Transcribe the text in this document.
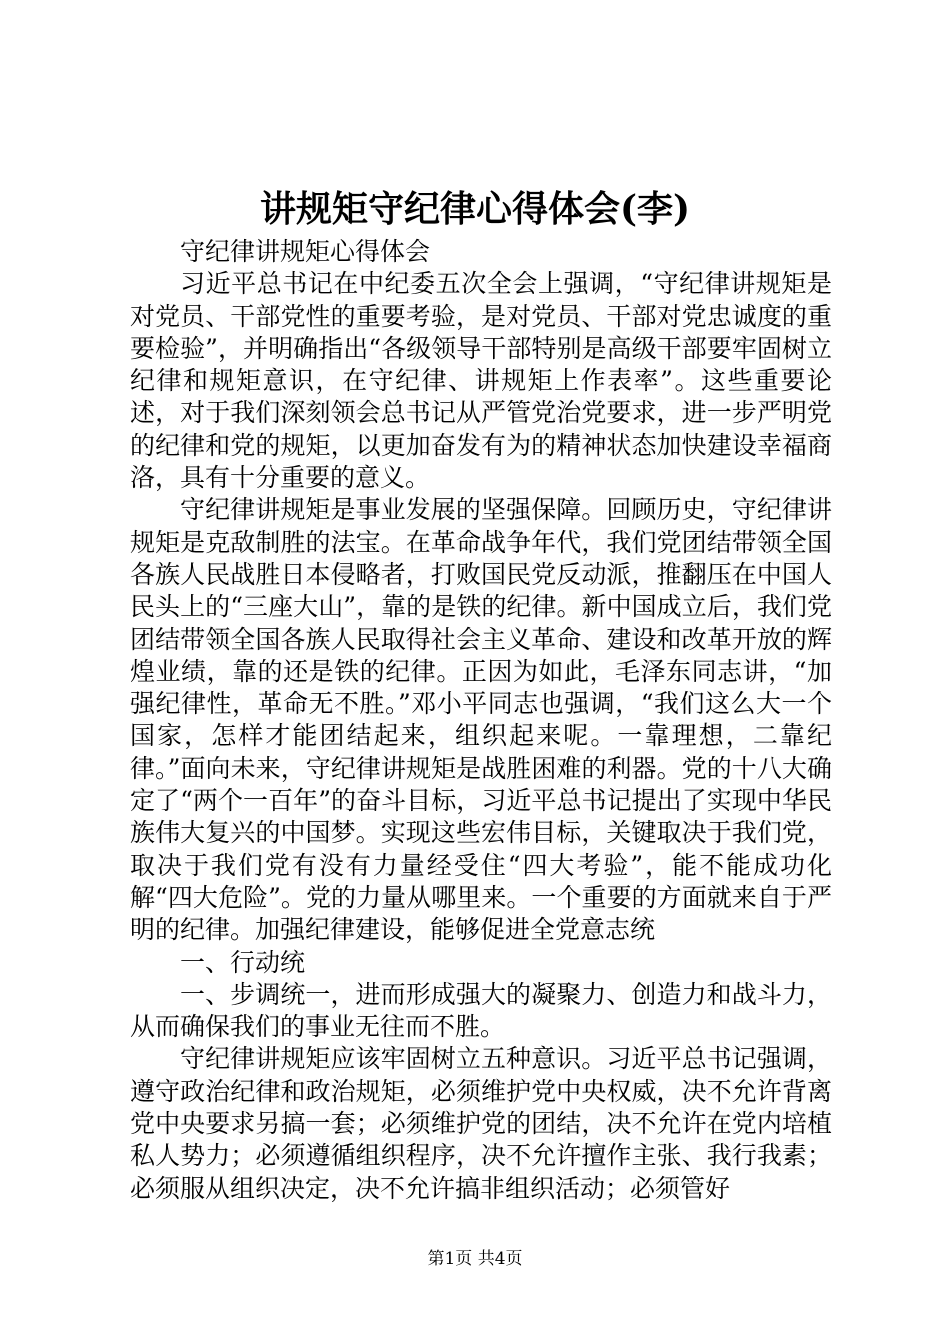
讲规矩守纪律心得体会(李)

守纪律讲规矩心得体会

习近平总书记在中纪委五次全会上强调，“守纪律讲规矩是对党员、干部党性的重要考验，是对党员、干部对党忠诚度的重要检验”，并明确指出“各级领导干部特别是高级干部要牢固树立纪律和规矩意识，在守纪律、讲规矩上作表率”。这些重要论述，对于我们深刻领会总书记从严管党治党要求，进一步严明党的纪律和党的规矩，以更加奋发有为的精神状态加快建设幸福商洛，具有十分重要的意义。

守纪律讲规矩是事业发展的坚强保障。回顾历史，守纪律讲规矩是克敌制胜的法宝。在革命战争年代，我们党团结带领全国各族人民战胜日本侵略者，打败国民党反动派，推翻压在中国人民头上的“三座大山”，靠的是铁的纪律。新中国成立后，我们党团结带领全国各族人民取得社会主义革命、建设和改革开放的辉煌业绩，靠的还是铁的纪律。正因为如此，毛泽东同志讲，“加强纪律性，革命无不胜。”邓小平同志也强调，“我们这么大一个国家，怎样才能团结起来，组织起来呢。一靠理想，二靠纪律。”面向未来，守纪律讲规矩是战胜困难的利器。党的十八大确定了“两个一百年”的奋斗目标，习近平总书记提出了实现中华民族伟大复兴的中国梦。实现这些宏伟目标，关键取决于我们党，取决于我们党有没有力量经受住“四大考验”，能不能成功化解“四大危险”。党的力量从哪里来。一个重要的方面就来自于严明的纪律。加强纪律建设，能够促进全党意志统

一、行动统

一、步调统一，进而形成强大的凝聚力、创造力和战斗力，从而确保我们的事业无往而不胜。

守纪律讲规矩应该牢固树立五种意识。习近平总书记强调，遵守政治纪律和政治规矩，必须维护党中央权威，决不允许背离党中央要求另搞一套；必须维护党的团结，决不允许在党内培植私人势力；必须遵循组织程序，决不允许擅作主张、我行我素；必须服从组织决定，决不允许搞非组织活动；必须管好

第1页 共4页
